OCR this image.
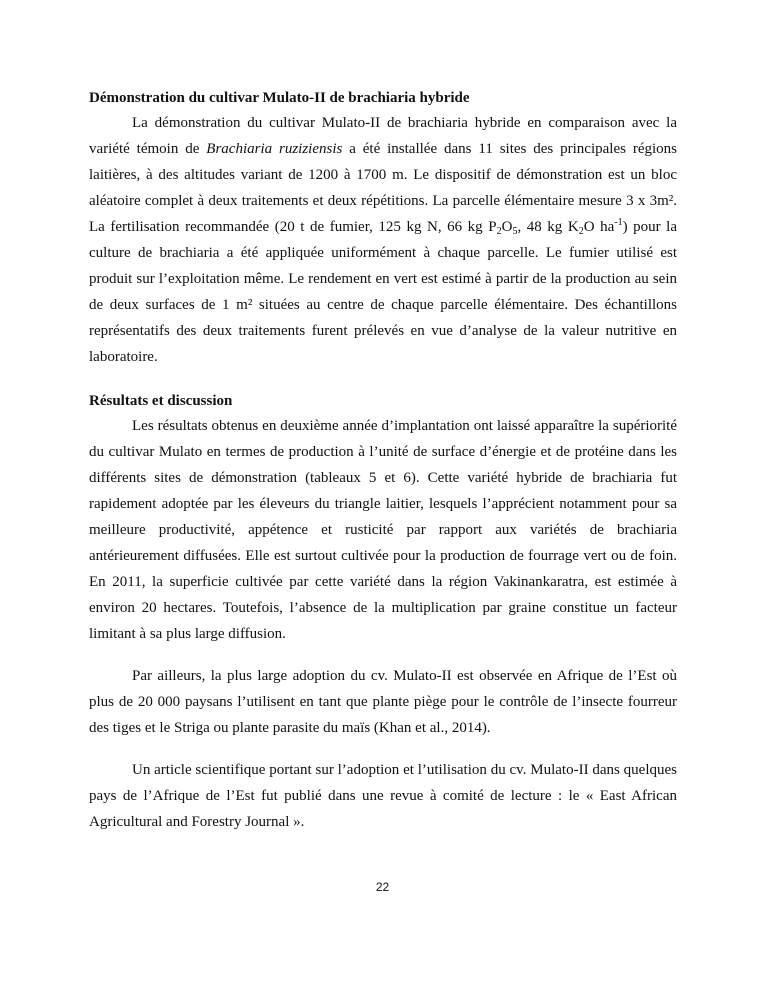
Démonstration du cultivar Mulato-II de brachiaria hybride

La démonstration du cultivar Mulato-II de brachiaria hybride en comparaison avec la variété témoin de Brachiaria ruziziensis a été installée dans 11 sites des principales régions laitières, à des altitudes variant de 1200 à 1700 m. Le dispositif de démonstration est un bloc aléatoire complet à deux traitements et deux répétitions. La parcelle élémentaire mesure 3 x 3m². La fertilisation recommandée (20 t de fumier, 125 kg N, 66 kg $P_2O_5$, 48 kg $K_2O$ $ha^{-1}$) pour la culture de brachiaria a été appliquée uniformément à chaque parcelle. Le fumier utilisé est produit sur l’exploitation même. Le rendement en vert est estimé à partir de la production au sein de deux surfaces de 1 m² situées au centre de chaque parcelle élémentaire. Des échantillons représentatifs des deux traitements furent prélevés en vue d’analyse de la valeur nutritive en laboratoire.

Résultats et discussion

Les résultats obtenus en deuxième année d’implantation ont laissé apparaître la supériorité du cultivar Mulato en termes de production à l’unité de surface d’énergie et de protéine dans les différents sites de démonstration (tableaux 5 et 6). Cette variété hybride de brachiaria fut rapidement adoptée par les éleveurs du triangle laitier, lesquels l’apprécient notamment pour sa meilleure productivité, appétence et rusticité par rapport aux variétés de brachiaria antérieurement diffusées. Elle est surtout cultivée pour la production de fourrage vert ou de foin. En 2011, la superficie cultivée par cette variété dans la région Vakinankaratra, est estimée à environ 20 hectares. Toutefois, l’absence de la multiplication par graine constitue un facteur limitant à sa plus large diffusion.

Par ailleurs, la plus large adoption du cv. Mulato-II est observée en Afrique de l’Est où plus de 20 000 paysans l’utilisent en tant que plante piège pour le contrôle de l’insecte fourreur des tiges et le Striga ou plante parasite du maïs (Khan et al., 2014).

Un article scientifique portant sur l’adoption et l’utilisation du cv. Mulato-II dans quelques pays de l’Afrique de l’Est fut publié dans une revue à comité de lecture : le « East African Agricultural and Forestry Journal ».

22
